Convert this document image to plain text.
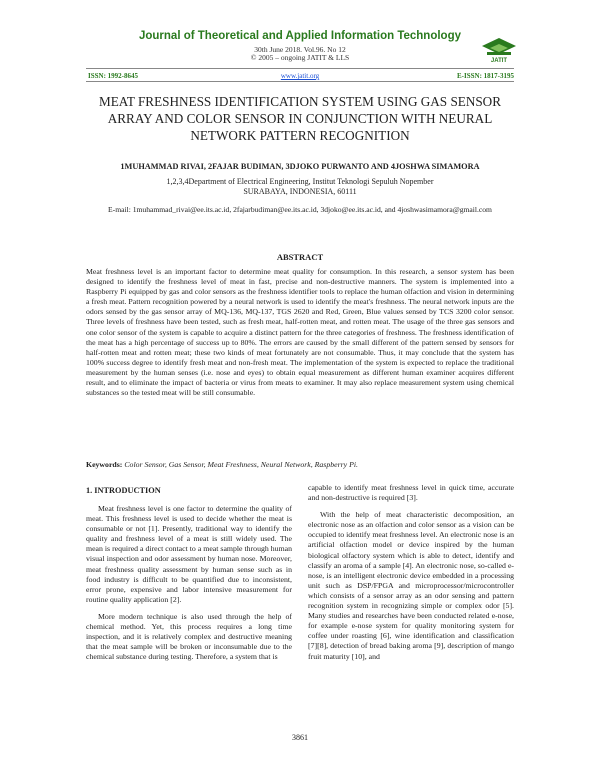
Journal of Theoretical and Applied Information Technology
30th June 2018. Vol.96. No 12
© 2005 – ongoing JATIT & LLS	JATIT
ISSN: 1992-8645	www.jatit.org	E-ISSN: 1817-3195
MEAT FRESHNESS IDENTIFICATION SYSTEM USING GAS SENSOR ARRAY AND COLOR SENSOR IN CONJUNCTION WITH NEURAL NETWORK PATTERN RECOGNITION
1MUHAMMAD RIVAI, 2FAJAR BUDIMAN, 3DJOKO PURWANTO AND 4JOSHWA SIMAMORA
1,2,3,4Department of Electrical Engineering, Institut Teknologi Sepuluh Nopember
SURABAYA, INDONESIA, 60111
E-mail: 1muhammad_rivai@ee.its.ac.id, 2fajarbudiman@ee.its.ac.id, 3djoko@ee.its.ac.id, and 4joshwasimamora@gmail.com
ABSTRACT
Meat freshness level is an important factor to determine meat quality for consumption. In this research, a sensor system has been designed to identify the freshness level of meat in fast, precise and non-destructive manners. The system is implemented into a Raspberry Pi equipped by gas and color sensors as the freshness identifier tools to replace the human olfaction and vision in determining a fresh meat. Pattern recognition powered by a neural network is used to identify the meat's freshness. The neural network inputs are the odors sensed by the gas sensor array of MQ-136, MQ-137, TGS 2620 and Red, Green, Blue values sensed by TCS 3200 color sensor. Three levels of freshness have been tested, such as fresh meat, half-rotten meat, and rotten meat. The usage of the three gas sensors and one color sensor of the system is capable to acquire a distinct pattern for the three categories of freshness. The freshness identification of the meat has a high percentage of success up to 80%. The errors are caused by the small different of the pattern sensed by sensors for half-rotten meat and rotten meat; these two kinds of meat fortunately are not consumable. Thus, it may conclude that the system has 100% success degree to identify fresh meat and non-fresh meat. The implementation of the system is expected to replace the traditional measurement by the human senses (i.e. nose and eyes) to obtain equal measurement as different human examiner acquires different result, and to eliminate the impact of bacteria or virus from meats to examiner. It may also replace measurement system using chemical substances so the tested meat will be still consumable.
Keywords: Color Sensor, Gas Sensor, Meat Freshness, Neural Network, Raspberry Pi.
1. INTRODUCTION

Meat freshness level is one factor to determine the quality of meat. This freshness level is used to decide whether the meat is consumable or not [1]. Presently, traditional way to identify the quality and freshness level of a meat is still widely used. The mean is required a direct contact to a meat sample through human visual inspection and odor assessment by human nose. Moreover, meat freshness quality assessment by human sense such as in food industry is difficult to be quantified due to inconsistent, error prone, expensive and labor intensive measurement for routine quality application [2].

More modern technique is also used through the help of chemical method. Yet, this process requires a long time inspection, and it is relatively complex and destructive meaning that the meat sample will be broken or inconsumable due to the chemical substance during testing. Therefore, a system that is

capable to identify meat freshness level in quick time, accurate and non-destructive is required [3].

With the help of meat characteristic decomposition, an electronic nose as an olfaction and color sensor as a vision can be occupied to identify meat freshness level. An electronic nose is an artificial olfaction model or device inspired by the human biological olfactory system which is able to detect, identify and classify an aroma of a sample [4]. An electronic nose, so-called e-nose, is an intelligent electronic device embedded in a processing unit such as DSP/FPGA and microprocessor/microcontroller which consists of a sensor array as an odor sensing and pattern recognition system in recognizing simple or complex odor [5]. Many studies and researches have been conducted related e-nose, for example e-nose system for quality monitoring system for coffee under roasting [6], wine identification and classification [7][8], detection of bread baking aroma [9], description of mango fruit maturity [10], and

3861
